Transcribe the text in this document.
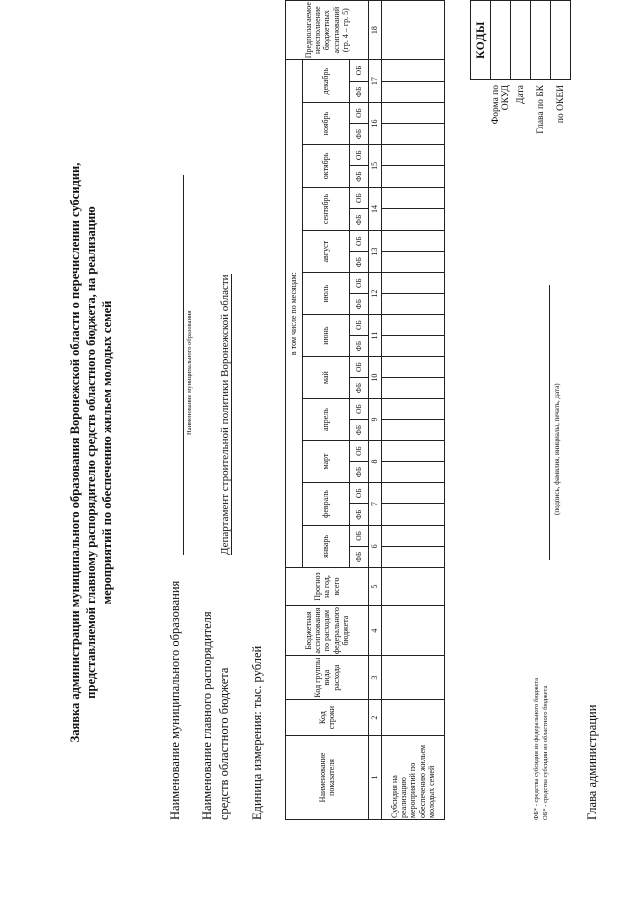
Заявка администрации муниципального образования Воронежской области о перечислении субсидии, представляемой главному распорядителю средств областного бюджета, на реализацию мероприятий по обеспечению жильем молодых семей
	КОДЫ
Форма по ОКУД	
Дата	
Глава по БК	
по ОКЕИ	
Наименование муниципального образования
Наименование муниципального образования
Наименование главного распорядителя средств областного бюджета
Департамент строительной политики Воронежской области
Единица измерения: тыс. рублей	Наименование показателя	Код строки	Код группы вида расхода	Бюджетная ассигнования по расходам федерального бюджета	Прогноз на год, всего	в том числе по месяцам:																								Предполагаемое неисполнение бюджетных ассигнований (гр. 4 – гр. 5)
					январь		февраль		март		апрель		май		июнь		июль		август		сентябрь		октябрь		ноябрь		декабрь		
					ФБ	ОБ	ФБ	ОБ	ФБ	ОБ	ФБ	ОБ	ФБ	ОБ	ФБ	ОБ	ФБ	ОБ	ФБ	ОБ	ФБ	ОБ	ФБ	ОБ	ФБ	ОБ	ФБ	ОБ	
1	2	3	4	5	6		7		8		9		10		11		12		13		14		15		16		17		18
Субсидия на реализацию мероприятий по обеспечению жильем молодых семей																														ФБ* - средства субсидии из федерального бюджета ОБ* - средства субсидии из областного бюджета	Глава администрации
(подпись, фамилия, инициалы, печать, дата)
